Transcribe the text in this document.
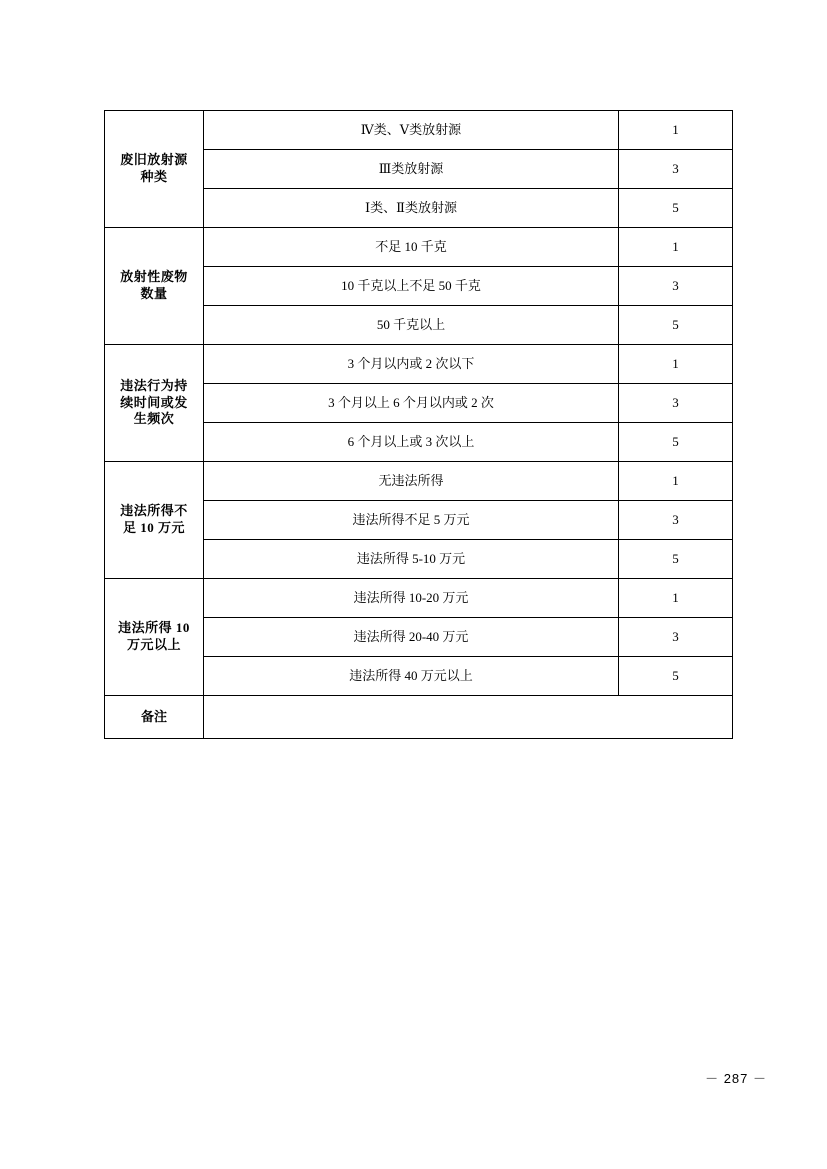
废旧放射源
种类	Ⅳ类、Ⅴ类放射源	1
	Ⅲ类放射源	3
	Ⅰ类、Ⅱ类放射源	5

放射性废物
数量	不足 10 千克	1
	10 千克以上不足 50 千克	3
	50 千克以上	5

违法行为持
续时间或发
生频次	3 个月以内或 2 次以下	1
	3 个月以上 6 个月以内或 2 次	3
	6 个月以上或 3 次以上	5

违法所得不
足 10 万元	无违法所得	1
	违法所得不足 5 万元	3
	违法所得 5-10 万元	5

违法所得 10
万元以上	违法所得 10-20 万元	1
	违法所得 20-40 万元	3
	违法所得 40 万元以上	5
备注		
－ 287 －
